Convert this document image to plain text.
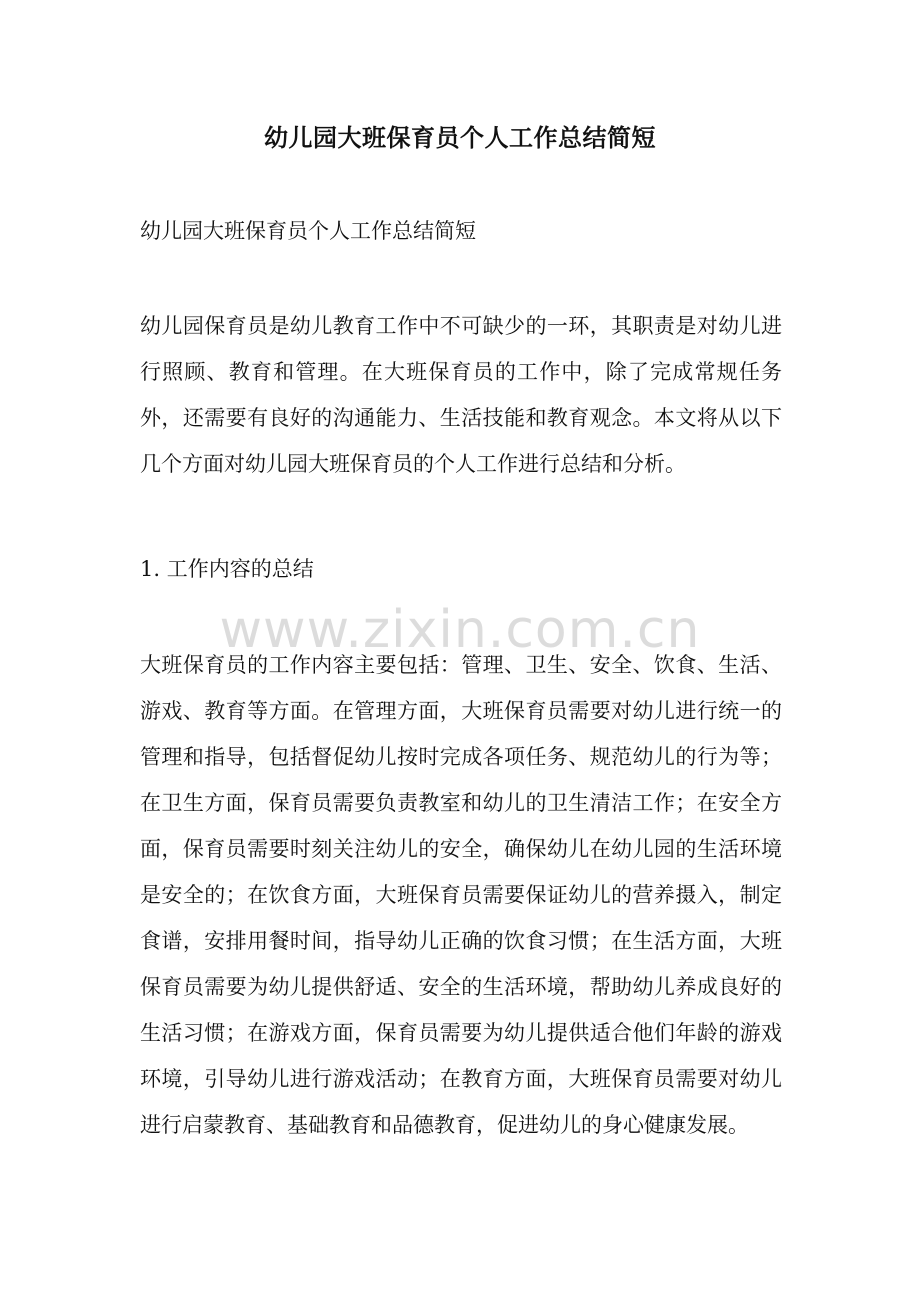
幼儿园大班保育员个人工作总结简短

幼儿园大班保育员个人工作总结简短

幼儿园保育员是幼儿教育工作中不可缺少的一环，其职责是对幼儿进行照顾、教育和管理。在大班保育员的工作中，除了完成常规任务外，还需要有良好的沟通能力、生活技能和教育观念。本文将从以下几个方面对幼儿园大班保育员的个人工作进行总结和分析。

1. 工作内容的总结

www.zixin.com.cn

大班保育员的工作内容主要包括：管理、卫生、安全、饮食、生活、游戏、教育等方面。在管理方面，大班保育员需要对幼儿进行统一的管理和指导，包括督促幼儿按时完成各项任务、规范幼儿的行为等；在卫生方面，保育员需要负责教室和幼儿的卫生清洁工作；在安全方面，保育员需要时刻关注幼儿的安全，确保幼儿在幼儿园的生活环境是安全的；在饮食方面，大班保育员需要保证幼儿的营养摄入，制定食谱，安排用餐时间，指导幼儿正确的饮食习惯；在生活方面，大班保育员需要为幼儿提供舒适、安全的生活环境，帮助幼儿养成良好的生活习惯；在游戏方面，保育员需要为幼儿提供适合他们年龄的游戏环境，引导幼儿进行游戏活动；在教育方面，大班保育员需要对幼儿进行启蒙教育、基础教育和品德教育，促进幼儿的身心健康发展。
